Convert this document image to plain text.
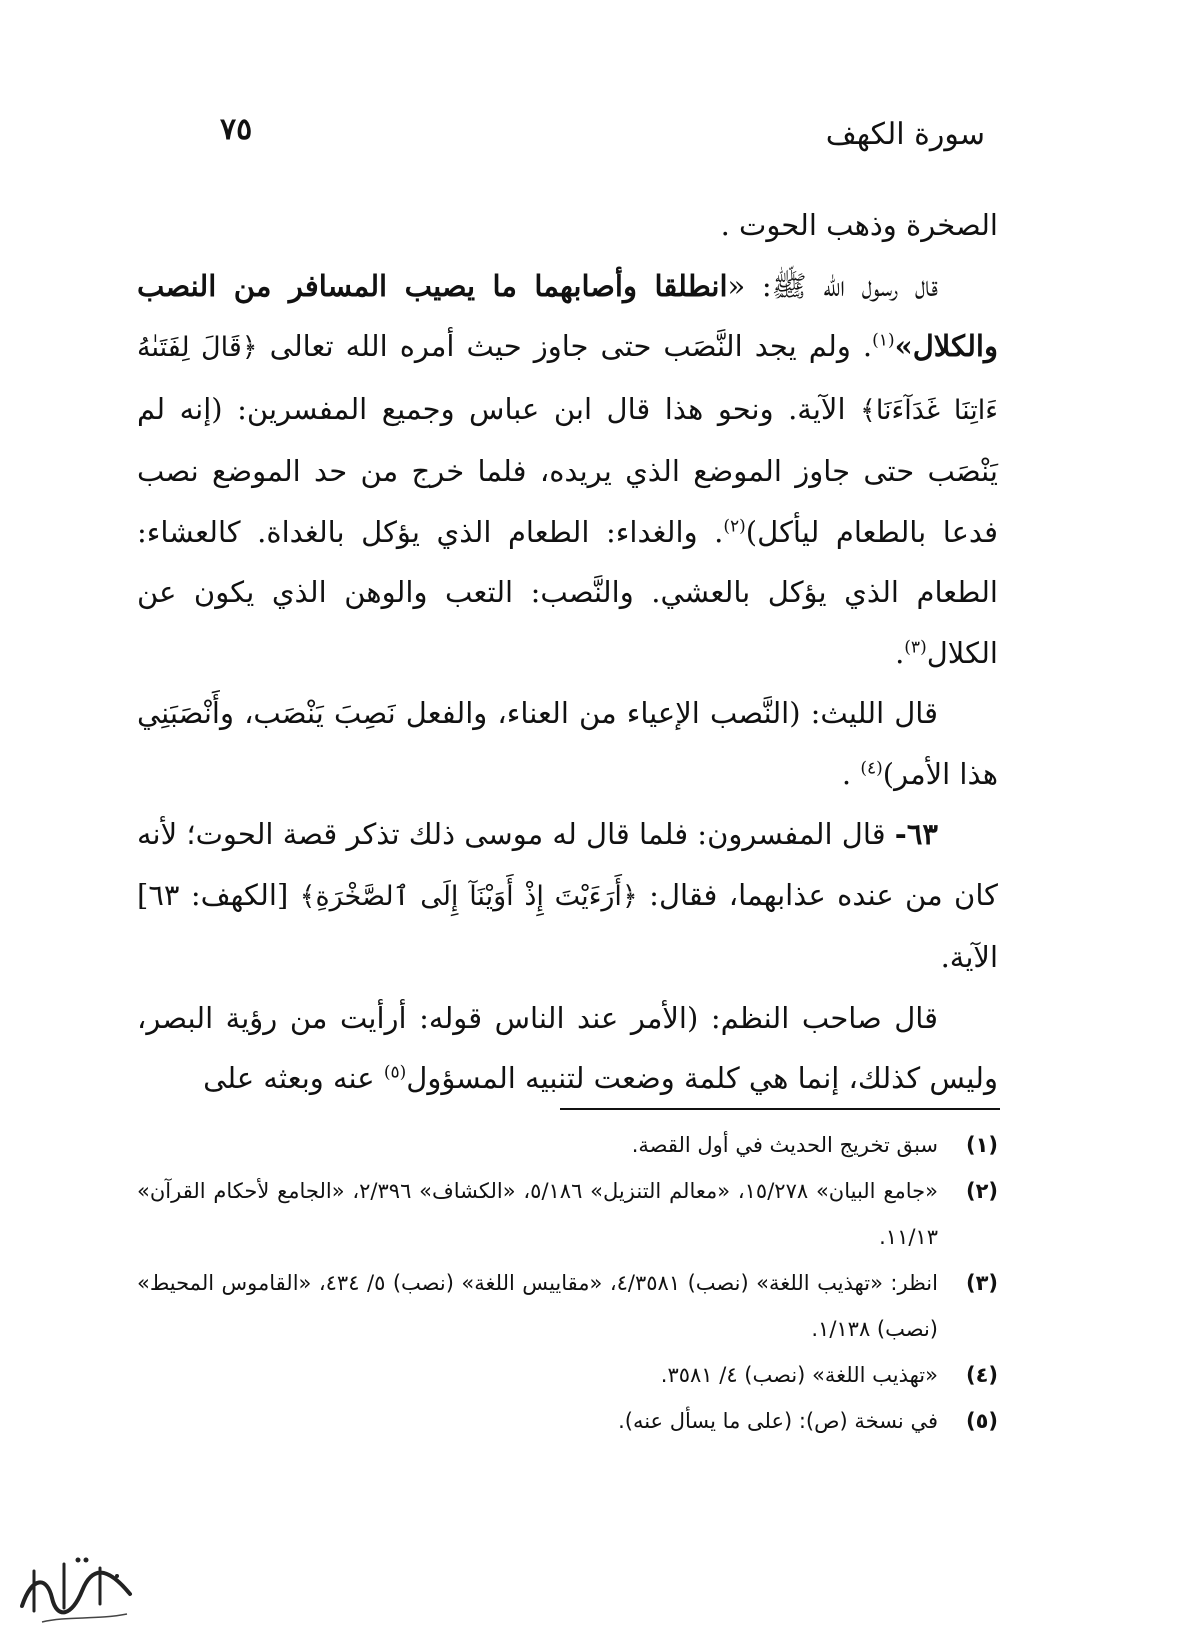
سورة الكهف
٧٥

الصخرة وذهب الحوت .

قال رسول الله ﷺ: «انطلقا وأصابهما ما يصيب المسافر من النصب والكلال»$^{(١)}$. ولم يجد النَّصَب حتى جاوز حيث أمره الله تعالى ﴿قَالَ لِفَتَىٰهُ ءَاتِنَا غَدَآءَنَا﴾ الآية. ونحو هذا قال ابن عباس وجميع المفسرين: (إنه لم يَنْصَب حتى جاوز الموضع الذي يريده، فلما خرج من حد الموضع نصب فدعا بالطعام ليأكل)$^{(٢)}$. والغداء: الطعام الذي يؤكل بالغداة. كالعشاء: الطعام الذي يؤكل بالعشي. والنَّصب: التعب والوهن الذي يكون عن الكلال$^{(٣)}$.

قال الليث: (النَّصب الإعياء من العناء، والفعل نَصِبَ يَنْصَب، وأَنْصَبَنِي هذا الأمر)$^{(٤)}$ .

٦٣- قال المفسرون: فلما قال له موسى ذلك تذكر قصة الحوت؛ لأنه كان من عنده عذابهما، فقال: ﴿أَرَءَيْتَ إِذْ أَوَيْنَآ إِلَى ٱلصَّخْرَةِ﴾ [الكهف: ٦٣] الآية.

قال صاحب النظم: (الأمر عند الناس قوله: أرأيت من رؤية البصر، وليس كذلك، إنما هي كلمة وضعت لتنبيه المسؤول$^{(٥)}$ عنه وبعثه على

(١)
سبق تخريج الحديث في أول القصة.
(٢)
«جامع البيان» ١٥/٢٧٨، «معالم التنزيل» ٥/١٨٦، «الكشاف» ٢/٣٩٦، «الجامع لأحكام القرآن» ١١/١٣.
(٣)
انظر: «تهذيب اللغة» (نصب) ٤/٣٥٨١، «مقاييس اللغة» (نصب) ٥/ ٤٣٤، «القاموس المحيط» (نصب) ١/١٣٨.
(٤)
«تهذيب اللغة» (نصب) ٤/ ٣٥٨١.
(٥)
في نسخة (ص): (على ما يسأل عنه).
